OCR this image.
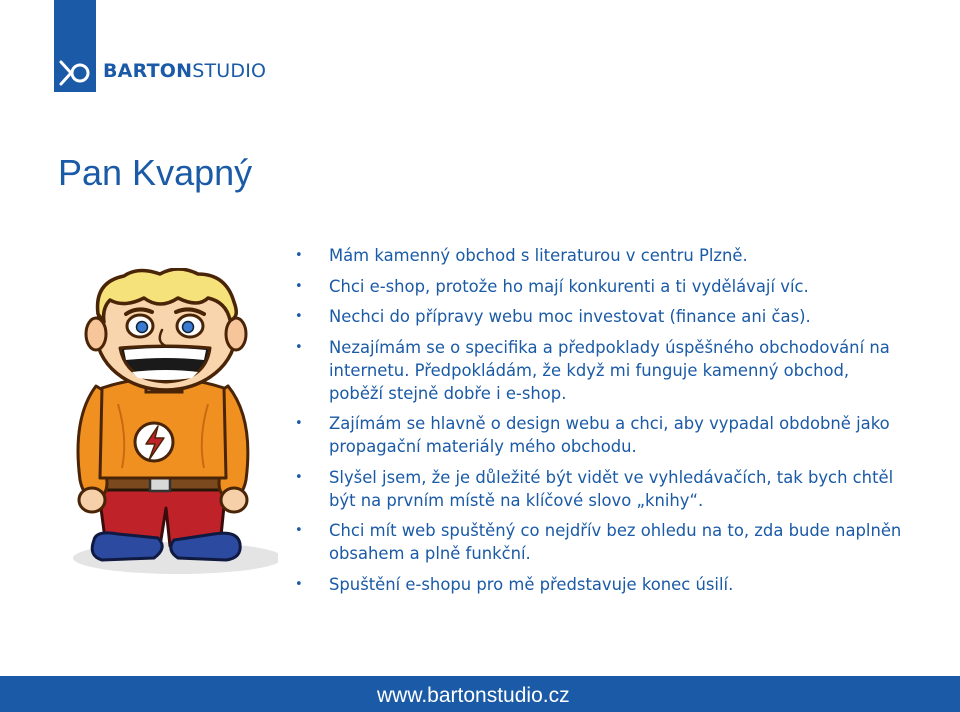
BARTONSTUDIO
Pan Kvapný
• Mám kamenný obchod s literaturou v centru Plzně.
• Chci e-shop, protože ho mají konkurenti a ti vydělávají víc.
• Nechci do přípravy webu moc investovat (finance ani čas).
• Nezajímám se o specifika a předpoklady úspěšného obchodování na internetu. Předpokládám, že když mi funguje kamenný obchod, poběží stejně dobře i e-shop.
• Zajímám se hlavně o design webu a chci, aby vypadal obdobně jako propagační materiály mého obchodu.
• Slyšel jsem, že je důležité být vidět ve vyhledávačích, tak bych chtěl být na prvním místě na klíčové slovo „knihy“.
• Chci mít web spuštěný co nejdřív bez ohledu na to, zda bude naplněn obsahem a plně funkční.
• Spuštění e-shopu pro mě představuje konec úsilí.
www.bartonstudio.cz
